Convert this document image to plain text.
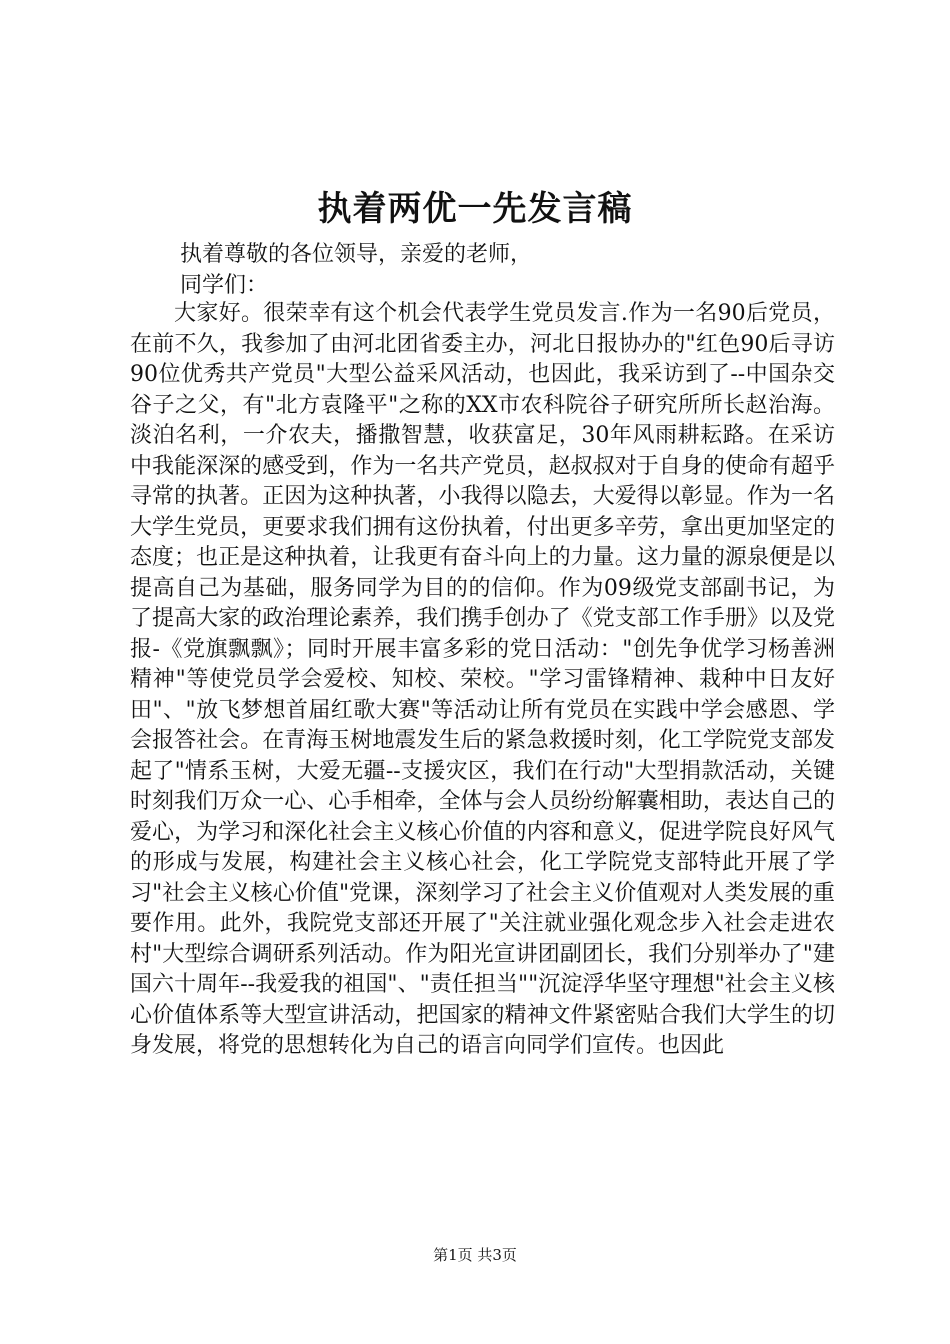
执着两优一先发言稿

执着尊敬的各位领导，亲爱的老师，

同学们：

大家好。很荣幸有这个机会代表学生党员发言.作为一名90后党员，在前不久，我参加了由河北团省委主办，河北日报协办的"红色90后寻访90位优秀共产党员"大型公益采风活动，也因此，我采访到了--中国杂交谷子之父，有"北方袁隆平"之称的XX市农科院谷子研究所所长赵治海。淡泊名利，一介农夫，播撒智慧，收获富足，30年风雨耕耘路。在采访中我能深深的感受到，作为一名共产党员，赵叔叔对于自身的使命有超乎寻常的执著。正因为这种执著，小我得以隐去，大爱得以彰显。作为一名大学生党员，更要求我们拥有这份执着，付出更多辛劳，拿出更加坚定的态度；也正是这种执着，让我更有奋斗向上的力量。这力量的源泉便是以提高自己为基础，服务同学为目的的信仰。作为09级党支部副书记，为了提高大家的政治理论素养，我们携手创办了《党支部工作手册》以及党报-《党旗飘飘》；同时开展丰富多彩的党日活动："创先争优学习杨善洲精神"等使党员学会爱校、知校、荣校。"学习雷锋精神、栽种中日友好田"、"放飞梦想首届红歌大赛"等活动让所有党员在实践中学会感恩、学会报答社会。在青海玉树地震发生后的紧急救援时刻，化工学院党支部发起了"情系玉树，大爱无疆--支援灾区，我们在行动"大型捐款活动，关键时刻我们万众一心、心手相牵，全体与会人员纷纷解囊相助，表达自己的爱心，为学习和深化社会主义核心价值的内容和意义，促进学院良好风气的形成与发展，构建社会主义核心社会，化工学院党支部特此开展了学习"社会主义核心价值"党课，深刻学习了社会主义价值观对人类发展的重要作用。此外，我院党支部还开展了"关注就业强化观念步入社会走进农村"大型综合调研系列活动。作为阳光宣讲团副团长，我们分别举办了"建国六十周年--我爱我的祖国"、"责任担当""沉淀浮华坚守理想"社会主义核心价值体系等大型宣讲活动，把国家的精神文件紧密贴合我们大学生的切身发展，将党的思想转化为自己的语言向同学们宣传。也因此

第1页 共3页
